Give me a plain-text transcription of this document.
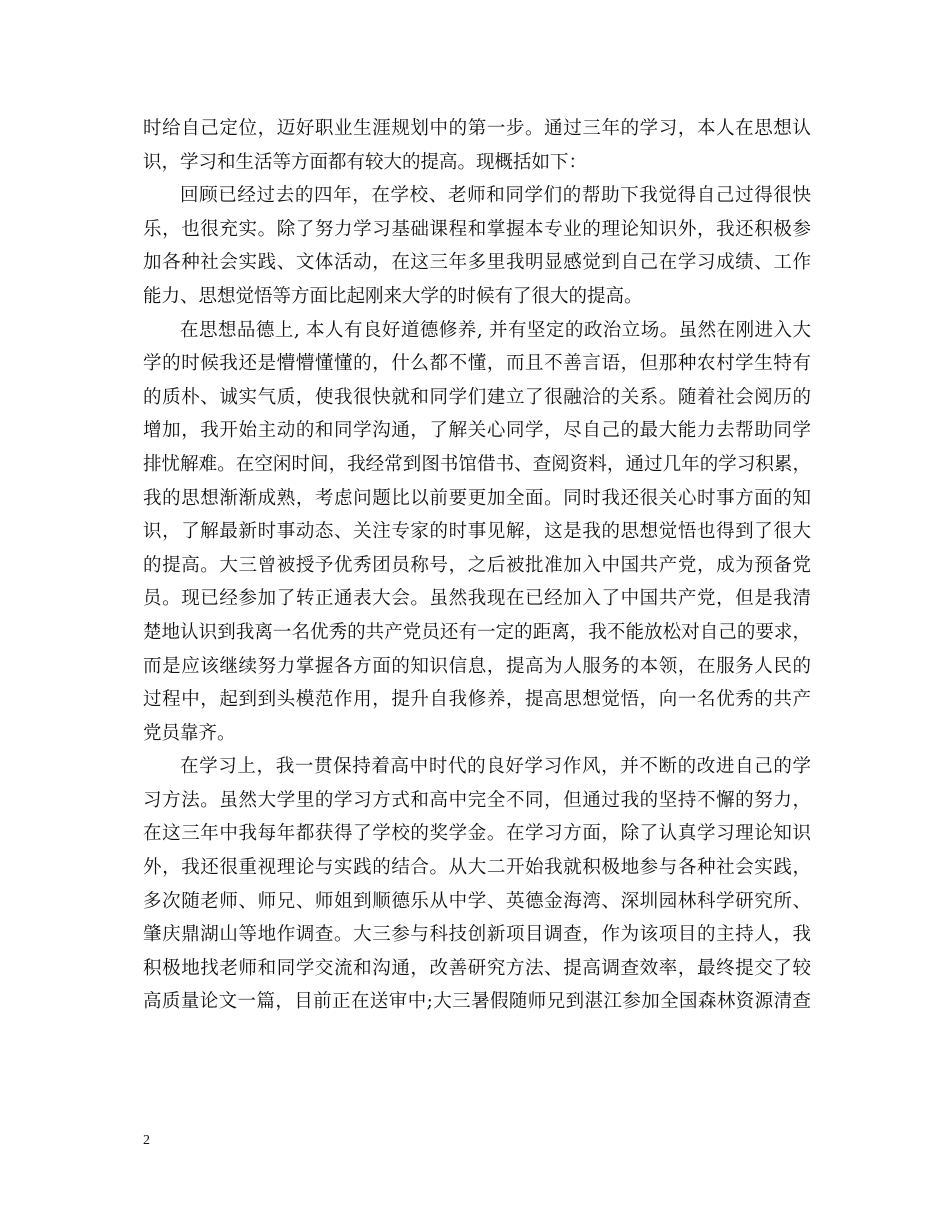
时给自己定位，迈好职业生涯规划中的第一步。通过三年的学习，本人在思想认
识，学习和生活等方面都有较大的提高。现概括如下：
回顾已经过去的四年，在学校、老师和同学们的帮助下我觉得自己过得很快
乐，也很充实。除了努力学习基础课程和掌握本专业的理论知识外，我还积极参
加各种社会实践、文体活动，在这三年多里我明显感觉到自己在学习成绩、工作
能力、思想觉悟等方面比起刚来大学的时候有了很大的提高。
在思想品德上, 本人有良好道德修养, 并有坚定的政治立场。虽然在刚进入大
学的时候我还是懵懵懂懂的，什么都不懂，而且不善言语，但那种农村学生特有
的质朴、诚实气质，使我很快就和同学们建立了很融洽的关系。随着社会阅历的
增加，我开始主动的和同学沟通，了解关心同学，尽自己的最大能力去帮助同学
排忧解难。在空闲时间，我经常到图书馆借书、查阅资料，通过几年的学习积累，
我的思想渐渐成熟，考虑问题比以前要更加全面。同时我还很关心时事方面的知
识，了解最新时事动态、关注专家的时事见解，这是我的思想觉悟也得到了很大
的提高。大三曾被授予优秀团员称号，之后被批准加入中国共产党，成为预备党
员。现已经参加了转正通表大会。虽然我现在已经加入了中国共产党，但是我清
楚地认识到我离一名优秀的共产党员还有一定的距离，我不能放松对自己的要求，
而是应该继续努力掌握各方面的知识信息，提高为人服务的本领，在服务人民的
过程中，起到到头模范作用，提升自我修养，提高思想觉悟，向一名优秀的共产
党员靠齐。
在学习上，我一贯保持着高中时代的良好学习作风，并不断的改进自己的学
习方法。虽然大学里的学习方式和高中完全不同，但通过我的坚持不懈的努力，
在这三年中我每年都获得了学校的奖学金。在学习方面，除了认真学习理论知识
外，我还很重视理论与实践的结合。从大二开始我就积极地参与各种社会实践，
多次随老师、师兄、师姐到顺德乐从中学、英德金海湾、深圳园林科学研究所、
肇庆鼎湖山等地作调查。大三参与科技创新项目调查，作为该项目的主持人，我
积极地找老师和同学交流和沟通，改善研究方法、提高调查效率，最终提交了较
高质量论文一篇，目前正在送审中;大三暑假随师兄到湛江参加全国森林资源清查
2
